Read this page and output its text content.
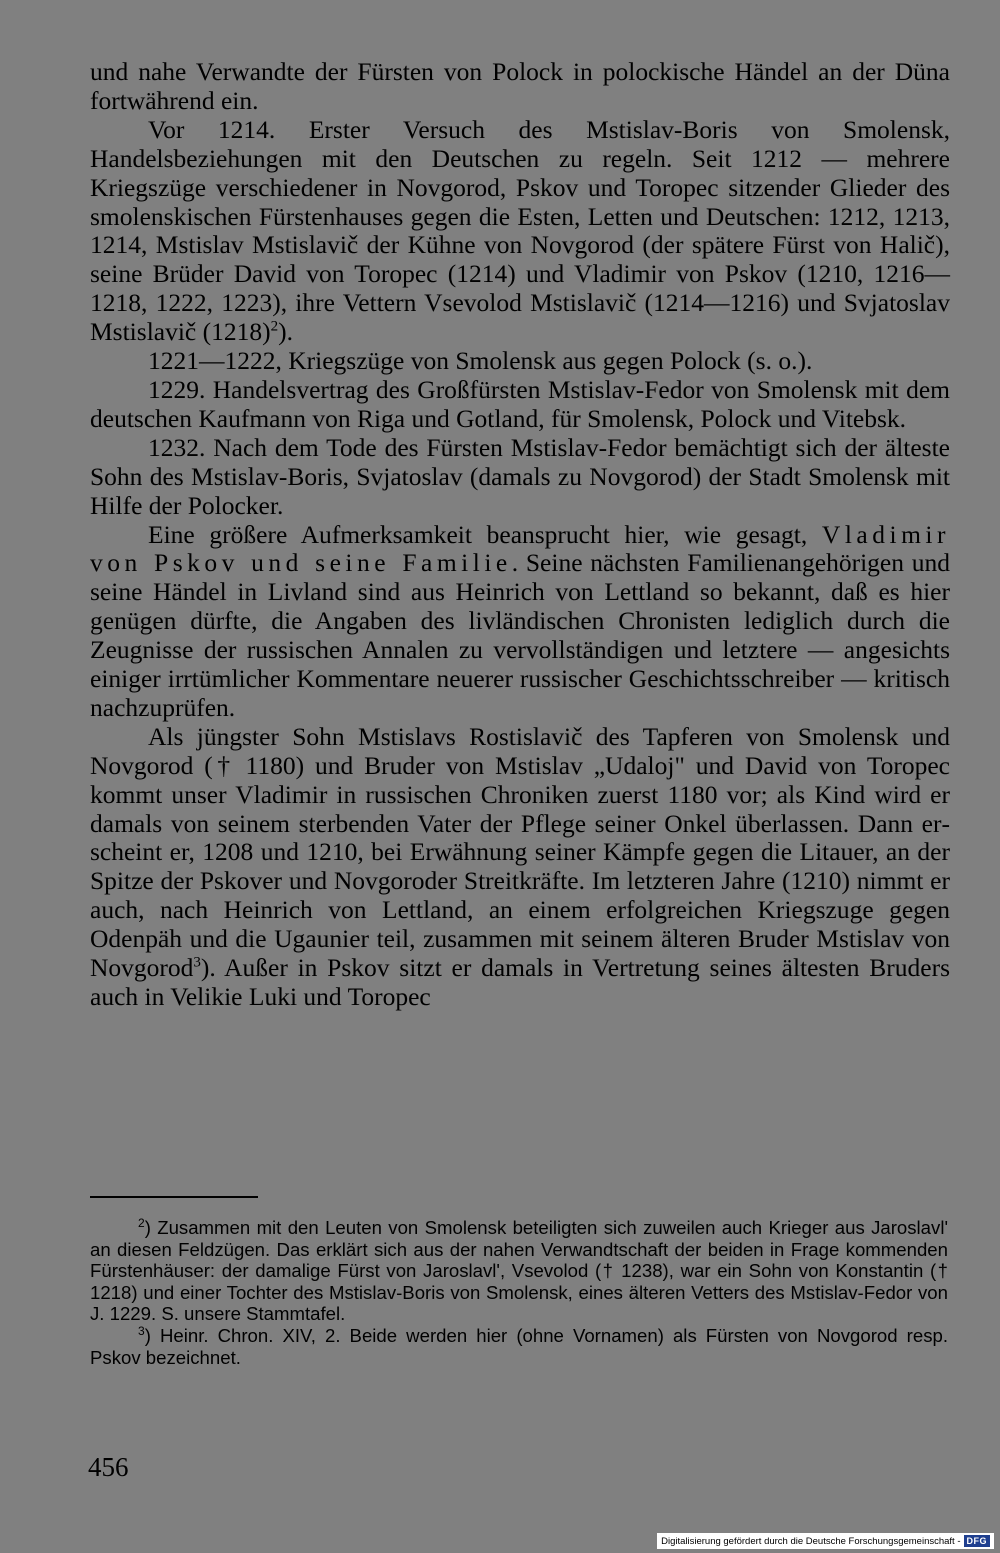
und nahe Verwandte der Fürsten von Polock in polockische Händel an der Düna fortwährend ein.

Vor 1214. Erster Versuch des Mstislav-Boris von Smolensk, Handelsbeziehungen mit den Deutschen zu regeln. Seit 1212 — mehrere Kriegszüge verschiedener in Novgorod, Pskov und Toropec sitzender Glieder des smolenskischen Fürstenhauses gegen die Esten, Letten und Deutschen: 1212, 1213, 1214, Mstislav Mstislavič der Kühne von Novgorod (der spätere Fürst von Halič), seine Brüder David von Toropec (1214) und Vladimir von Pskov (1210, 1216—1218, 1222, 1223), ihre Vettern Vsevolod Mstislavič (1214—1216) und Svjatoslav Mstislavič $(1218)^2$).

1221—1222, Kriegszüge von Smolensk aus gegen Polock (s. o.).

1229. Handelsvertrag des Großfürsten Mstislav-Fedor von Smolensk mit dem deutschen Kaufmann von Riga und Gotland, für Smolensk, Polock und Vitebsk.

1232. Nach dem Tode des Fürsten Mstislav-Fedor bemächtigt sich der älteste Sohn des Mstislav-Boris, Svjatoslav (damals zu Novgorod) der Stadt Smolensk mit Hilfe der Polocker.

Eine größere Aufmerksamkeit beansprucht hier, wie gesagt, Vladimir von Pskov und seine Familie. Seine nächsten Familienangehörigen und seine Händel in Livland sind aus Heinrich von Lettland so bekannt, daß es hier genügen dürfte, die Angaben des livländischen Chronisten lediglich durch die Zeugnisse der russischen Annalen zu vervollständigen und letztere — angesichts einiger irrtümlicher Kommentare neuerer russischer Geschichtsschreiber — kritisch nachzuprüfen.

Als jüngster Sohn Mstislavs Rostislavič des Tapferen von Smolensk und Novgorod († 1180) und Bruder von Mstislav „Udaloj" und David von Toropec kommt unser Vladimir in russischen Chroniken zuerst 1180 vor; als Kind wird er damals von seinem sterbenden Vater der Pflege seiner Onkel überlassen. Dann erscheint er, 1208 und 1210, bei Erwähnung seiner Kämpfe gegen die Litauer, an der Spitze der Pskover und Novgoroder Streitkräfte. Im letzteren Jahre (1210) nimmt er auch, nach Heinrich von Lettland, an einem erfolgreichen Kriegszuge gegen Odenpäh und die Ugaunier teil, zusammen mit seinem älteren Bruder Mstislav von Novgorod$^3$). Außer in Pskov sitzt er damals in Vertretung seines ältesten Bruders auch in Velikie Luki und Toropec

$^2$) Zusammen mit den Leuten von Smolensk beteiligten sich zuweilen auch Krieger aus Jaroslavl' an diesen Feldzügen. Das erklärt sich aus der nahen Verwandtschaft der beiden in Frage kommenden Fürstenhäuser: der damalige Fürst von Jaroslavl', Vsevolod († 1238), war ein Sohn von Konstantin († 1218) und einer Tochter des Mstislav-Boris von Smolensk, eines älteren Vetters des Mstislav-Fedor von J. 1229. S. unsere Stammtafel.

$^3$) Heinr. Chron. XIV, 2. Beide werden hier (ohne Vornamen) als Fürsten von Novgorod resp. Pskov bezeichnet.

456
Digitalisierung gefördert durch die Deutsche Forschungsgemeinschaft - DFG
